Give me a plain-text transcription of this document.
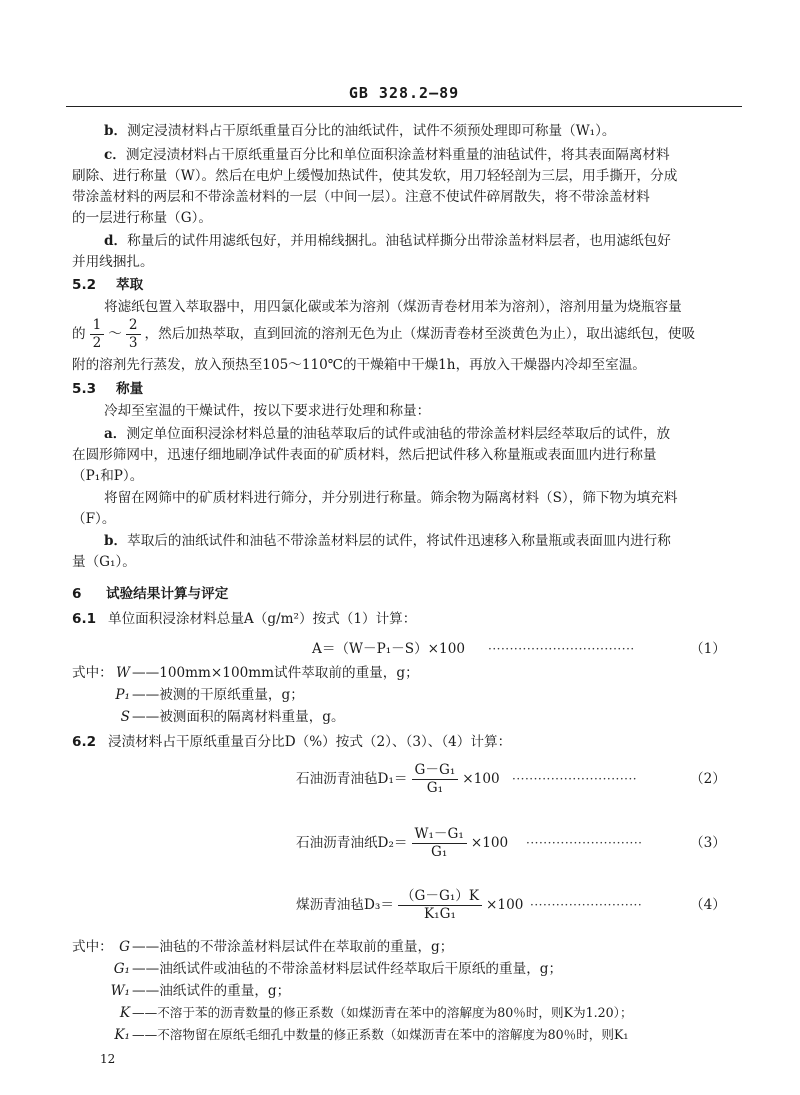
GB 328.2—89
b．测定浸渍材料占干原纸重量百分比的油纸试件，试件不须预处理即可称量（W₁）。
c．测定浸渍材料占干原纸重量百分比和单位面积涂盖材料重量的油毡试件，将其表面隔离材料
刷除、进行称量（W）。然后在电炉上缓慢加热试件，使其发软，用刀轻轻剖为三层，用手撕开，分成
带涂盖材料的两层和不带涂盖材料的一层（中间一层）。注意不使试件碎屑散失，将不带涂盖材料
的一层进行称量（G）。
d．称量后的试件用滤纸包好，并用棉线捆扎。油毡试样撕分出带涂盖材料层者，也用滤纸包好
并用线捆扎。
5.2 萃取
将滤纸包置入萃取器中，用四氯化碳或苯为溶剂（煤沥青卷材用苯为溶剂），溶剂用量为烧瓶容量
的 $\frac{1}{2}$ ～ $\frac{2}{3}$ ，然后加热萃取，直到回流的溶剂无色为止（煤沥青卷材至淡黄色为止），取出滤纸包，使吸
附的溶剂先行蒸发，放入预热至105～110℃的干燥箱中干燥1h，再放入干燥器内冷却至室温。
5.3 称量
冷却至室温的干燥试件，按以下要求进行处理和称量：
a．测定单位面积浸涂材料总量的油毡萃取后的试件或油毡的带涂盖材料层经萃取后的试件，放
在圆形筛网中，迅速仔细地刷净试件表面的矿质材料，然后把试件移入称量瓶或表面皿内进行称量
（P₁和P）。
将留在网筛中的矿质材料进行筛分，并分别进行称量。筛余物为隔离材料（S），筛下物为填充料
（F）。
b．萃取后的油纸试件和油毡不带涂盖材料层的试件，将试件迅速移入称量瓶或表面皿内进行称
量（G₁）。
6 试验结果计算与评定
6.1 单位面积浸涂材料总量A（g/m²）按式（1）计算：
A＝（W－P₁－S）×100 ··································	（1）
式中： W ——100mm×100mm试件萃取前的重量，g；
P₁ ——被测的干原纸重量，g；
S ——被测面积的隔离材料重量，g。
6.2 浸渍材料占干原纸重量百分比D（%）按式（2）、（3）、（4）计算：
石油沥青油毡$D_1= \frac{\text{G－G₁}}{\text{G₁}} \times 100$ ·····························	（2）
石油沥青油纸$D_2= \frac{\text{W₁－G₁}}{\text{G₁}} \times 100$ ···························	（3）
煤沥青油毡$D_3= \frac{\text{（G－G₁）K}}{\text{K₁G₁}} \times 100$ ··························	（4）
式中： G ——油毡的不带涂盖材料层试件在萃取前的重量，g；
G₁ ——油纸试件或油毡的不带涂盖材料层试件经萃取后干原纸的重量，g；
W₁ ——油纸试件的重量，g；
K ——不溶于苯的沥青数量的修正系数（如煤沥青在苯中的溶解度为80％时，则K为1.20）；
K₁ ——不溶物留在原纸毛细孔中数量的修正系数（如煤沥青在苯中的溶解度为80％时，则K₁
12
